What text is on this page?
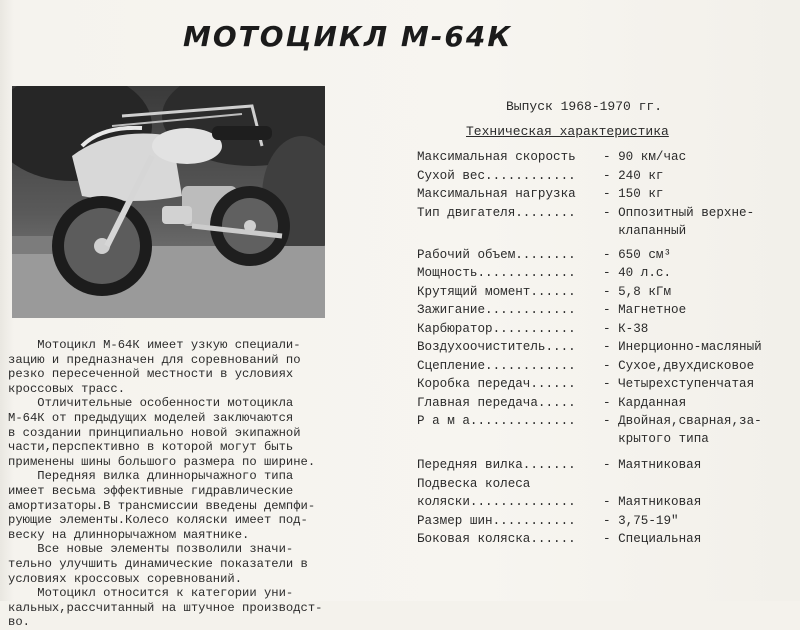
МОТОЦИКЛ М-64К

Мотоцикл М-64К имеет узкую специали-

зацию и предназначен для соревнований по

резко пересеченной местности в условиях

кроссовых трасс.

Отличительные особенности мотоцикла

М-64К от предыдущих моделей заключаются

в создании принципиально новой экипажной

части,перспективно в которой могут быть

применены шины большого размера по ширине.

Передняя вилка длиннорычажного типа

имеет весьма эффективные гидравлические

амортизаторы.В трансмиссии введены демпфи-

рующие элементы.Колесо коляски имеет под-

веску на длиннорычажном маятнике.

Все новые элементы позволили значи-

тельно улучшить динамические показатели в

условиях кроссовых соревнований.

Мотоцикл относится к категории уни-

кальных,рассчитанный на штучное производст-

во.

Выпуск 1968-1970 гг.
Техническая характеристика
Максимальная скорость	- 90 км/час
Сухой вес............	- 240 кг
Максимальная нагрузка	- 150 кг
Тип двигателя........	- Оппозитный верхне-
клапанный
Рабочий объем........	- 650 см³
Мощность.............	- 40 л.с.
Крутящий момент......	- 5,8 кГм
Зажигание............	- Магнетное
Карбюратор...........	- К-38
Воздухоочиститель....	- Инерционно-масляный
Сцепление............	- Сухое,двухдисковое
Коробка передач......	- Четырехступенчатая
Главная передача.....	- Карданная
Р а м а..............	- Двойная,сварная,за-
крытого типа
Передняя вилка.......	- Маятниковая
Подвеска колеса
коляски..............	- Маятниковая
Размер шин...........	- 3,75-19"
Боковая коляска......	- Специальная
